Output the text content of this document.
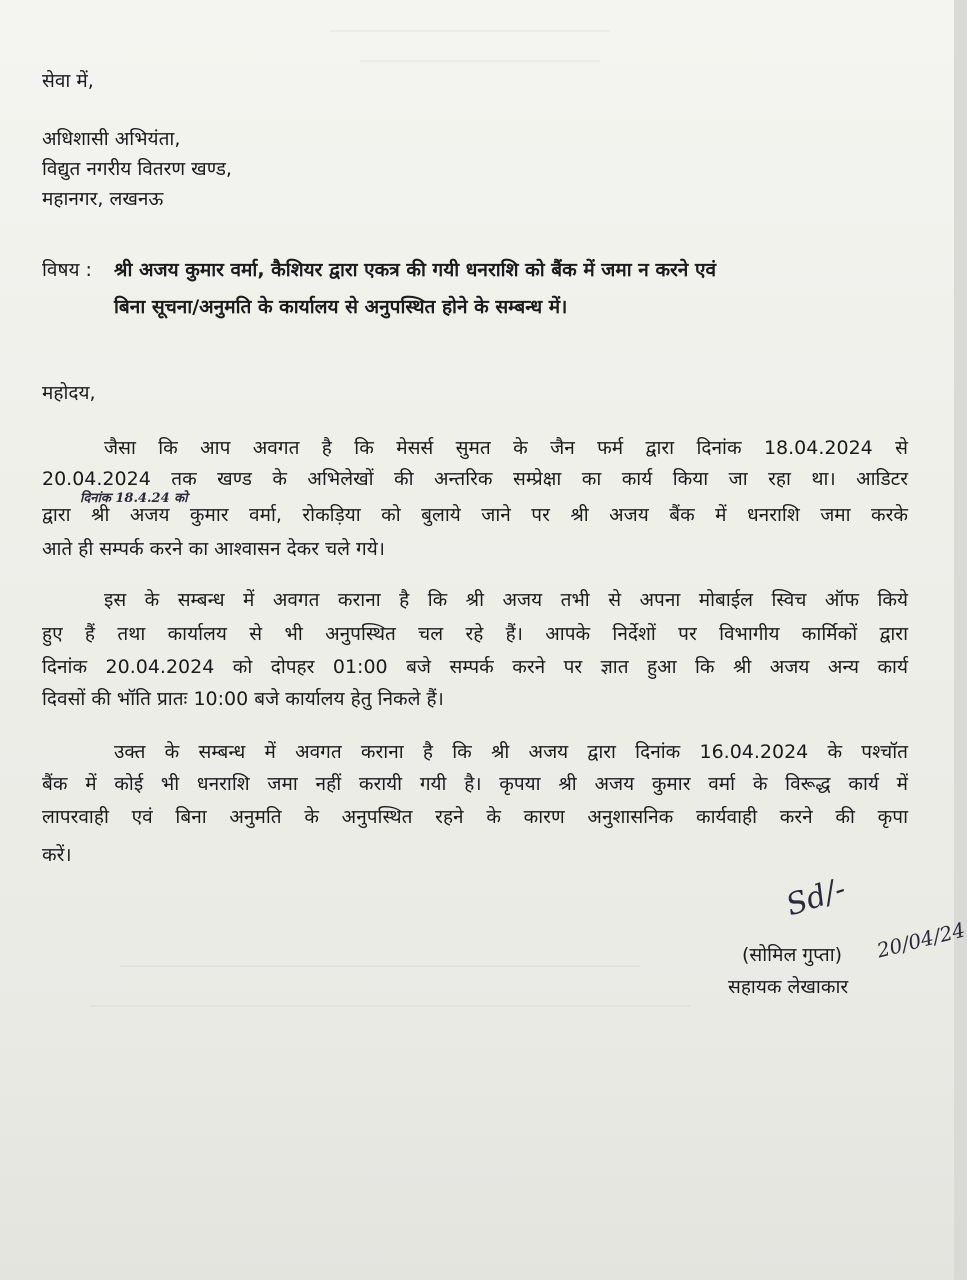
सेवा में,
अधिशासी अभियंता,
विद्युत नगरीय वितरण खण्ड,
महानगर, लखनऊ
विषय : श्री अजय कुमार वर्मा, कैशियर द्वारा एकत्र की गयी धनराशि को बैंक में जमा न करने एवं
बिना सूचना/अनुमति के कार्यालय से अनुपस्थित होने के सम्बन्ध में।
महोदय,
जैसा कि आप अवगत है कि मेसर्स सुमत के जैन फर्म द्वारा दिनांक 18.04.2024 से
20.04.2024 तक खण्ड के अभिलेखों की अन्तरिक सम्प्रेक्षा का कार्य किया जा रहा था। आडिटर
दिनांक 18.4.24 को
द्वारा श्री अजय कुमार वर्मा, रोकड़िया को बुलाये जाने पर श्री अजय बैंक में धनराशि जमा करके
आते ही सम्पर्क करने का आश्वासन देकर चले गये।
इस के सम्बन्ध में अवगत कराना है कि श्री अजय तभी से अपना मोबाईल स्विच ऑफ किये
हुए हैं तथा कार्यालय से भी अनुपस्थित चल रहे हैं। आपके निर्देशों पर विभागीय कार्मिकों द्वारा
दिनांक 20.04.2024 को दोपहर 01:00 बजे सम्पर्क करने पर ज्ञात हुआ कि श्री अजय अन्य कार्य
दिवसों की भॉति प्रातः 10:00 बजे कार्यालय हेतु निकले हैं।
उक्त के सम्बन्ध में अवगत कराना है कि श्री अजय द्वारा दिनांक 16.04.2024 के पश्चॉत
बैंक में कोई भी धनराशि जमा नहीं करायी गयी है। कृपया श्री अजय कुमार वर्मा के विरूद्ध कार्य में
लापरवाही एवं बिना अनुमति के अनुपस्थित रहने के कारण अनुशासनिक कार्यवाही करने की कृपा
करें।
Sd/-
20/04/24
(सोमिल गुप्ता)
सहायक लेखाकार
